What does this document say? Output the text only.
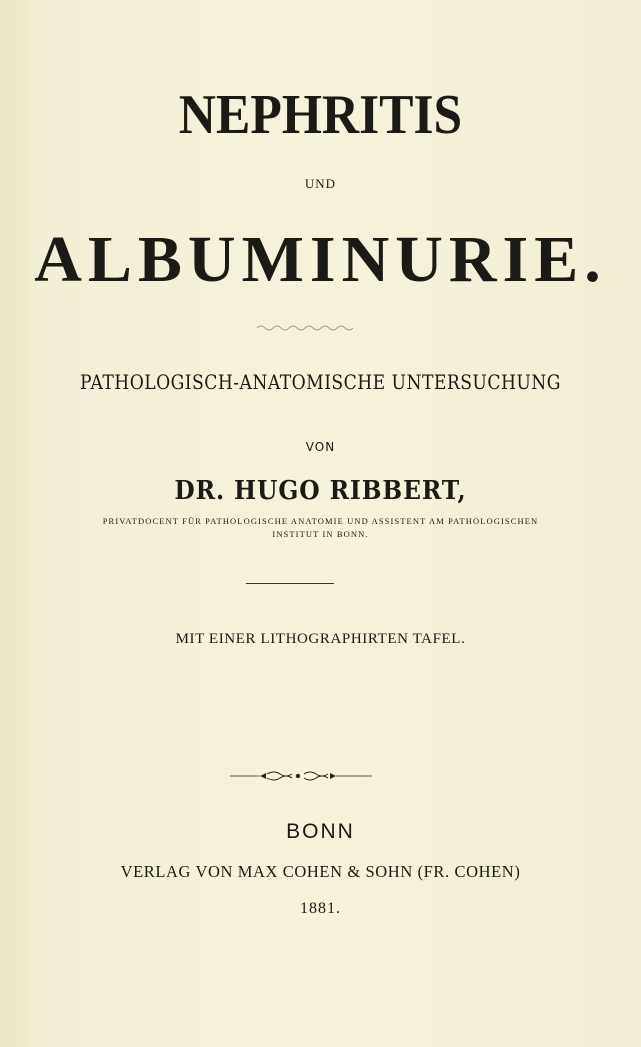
NEPHRITIS
UND
ALBUMINURIE.
PATHOLOGISCH-ANATOMISCHE UNTERSUCHUNG
VON
DR. HUGO RIBBERT,
PRIVATDOCENT FÜR PATHOLOGISCHE ANATOMIE UND ASSISTENT AM PATHOLOGISCHEN
INSTITUT IN BONN.
MIT EINER LITHOGRAPHIRTEN TAFEL.
BONN
VERLAG VON MAX COHEN & SOHN (FR. COHEN)
1881.
